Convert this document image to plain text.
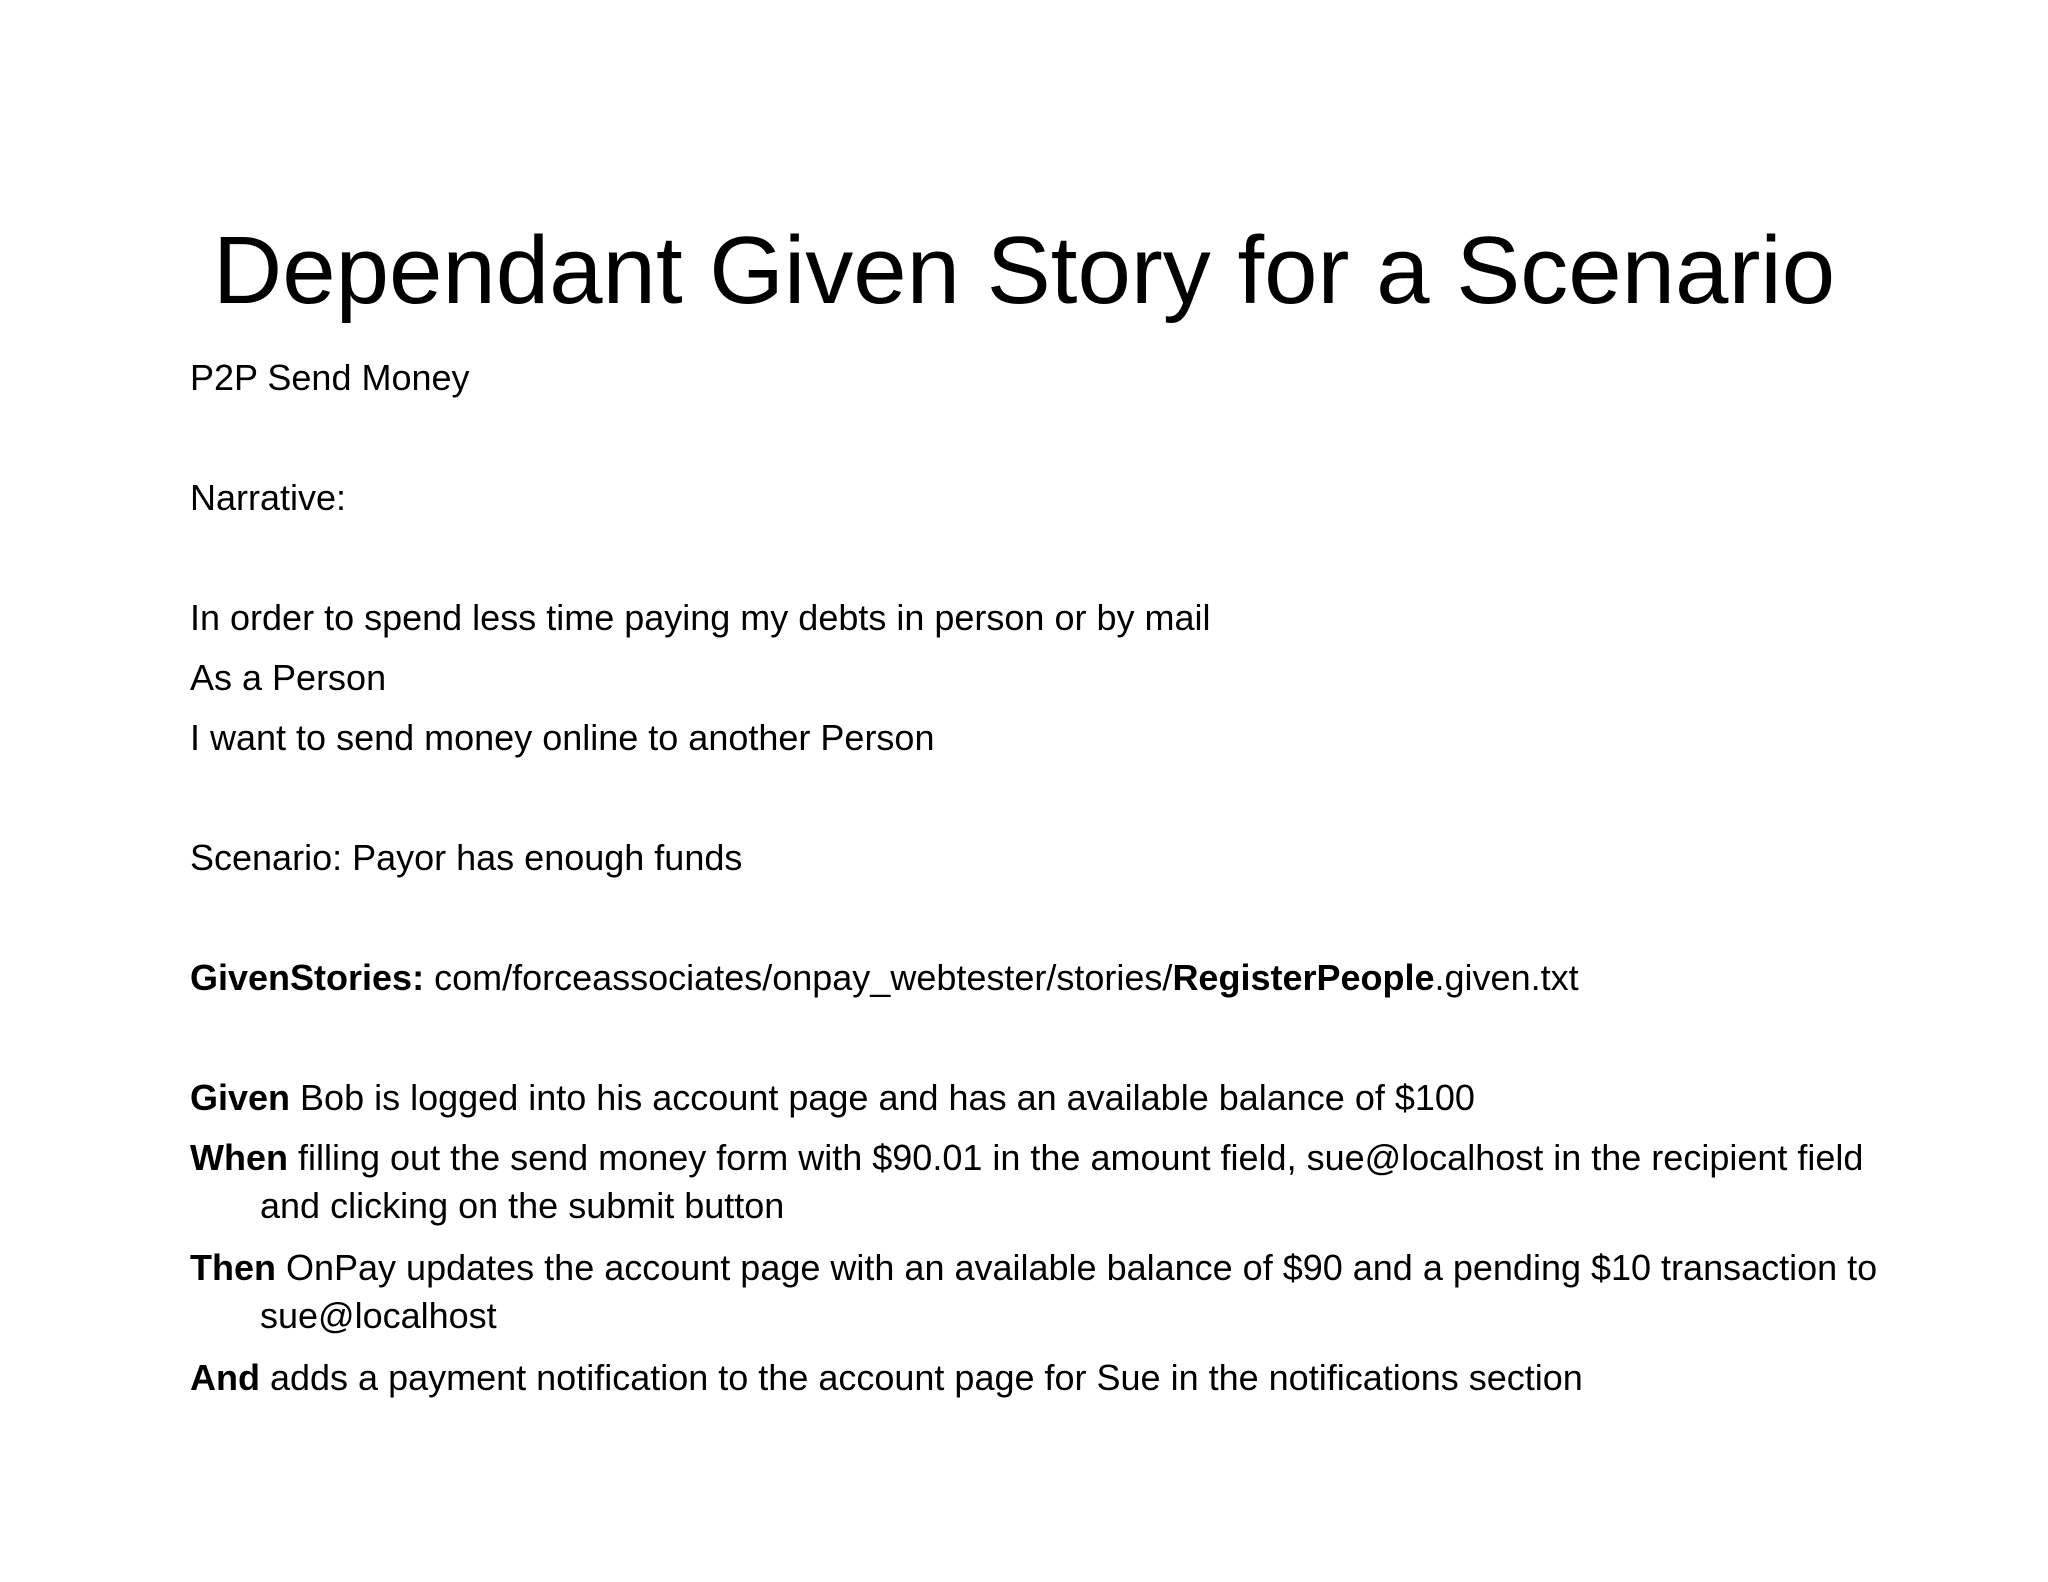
Dependant Given Story for a Scenario
P2P Send Money
Narrative:
In order to spend less time paying my debts in person or by mail
As a Person
I want to send money online to another Person
Scenario: Payor has enough funds
GivenStories: com/forceassociates/onpay_webtester/stories/RegisterPeople.given.txt
Given Bob is logged into his account page and has an available balance of $100
When filling out the send money form with $90.01 in the amount field, sue@localhost in the recipient field and clicking on the submit button
Then OnPay updates the account page with an available balance of $90 and a pending $10 transaction to sue@localhost
And adds a payment notification to the account page for Sue in the notifications section
